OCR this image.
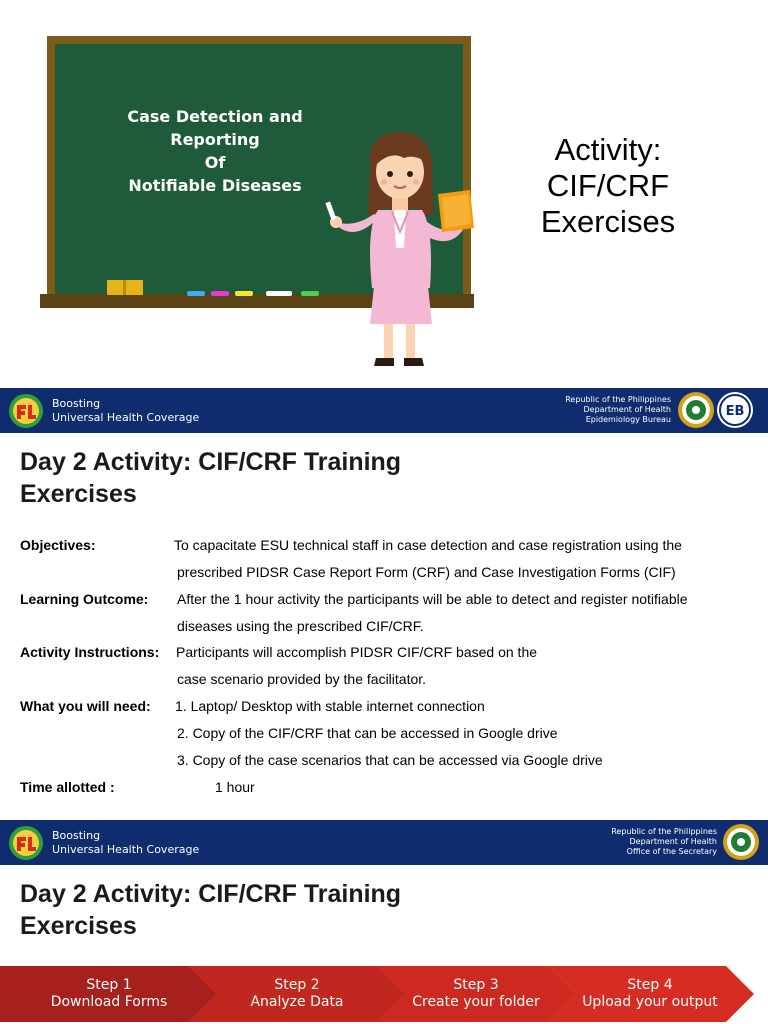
Case Detection and
Reporting
Of
Notifiable Diseases
Activity:
CIF/CRF
Exercises
Boosting
Universal Health Coverage
Republic of the Philippines
Department of Health
Epidemiology Bureau
EB
Day 2 Activity: CIF/CRF Training
Exercises
Objectives:	To capacitate ESU technical staff in case detection and case registration using the
prescribed PIDSR Case Report Form (CRF) and Case Investigation Forms (CIF)
Learning Outcome: After the 1 hour activity the participants will be able to detect and register notifiable
diseases using the prescribed CIF/CRF.
Activity Instructions: Participants will accomplish PIDSR CIF/CRF based on the
case scenario provided by the facilitator.
What you will need: 1. Laptop/ Desktop with stable internet connection
2. Copy of the CIF/CRF that can be accessed in Google drive
3. Copy of the case scenarios that can be accessed via Google drive
Time allotted :	1 hour
Boosting
Universal Health Coverage
Republic of the Philippines
Department of Health
Office of the Secretary
Day 2 Activity: CIF/CRF Training
Exercises
Step 1
Download Forms
Step 2
Analyze Data
Step 3
Create your folder
Step 4
Upload your output
